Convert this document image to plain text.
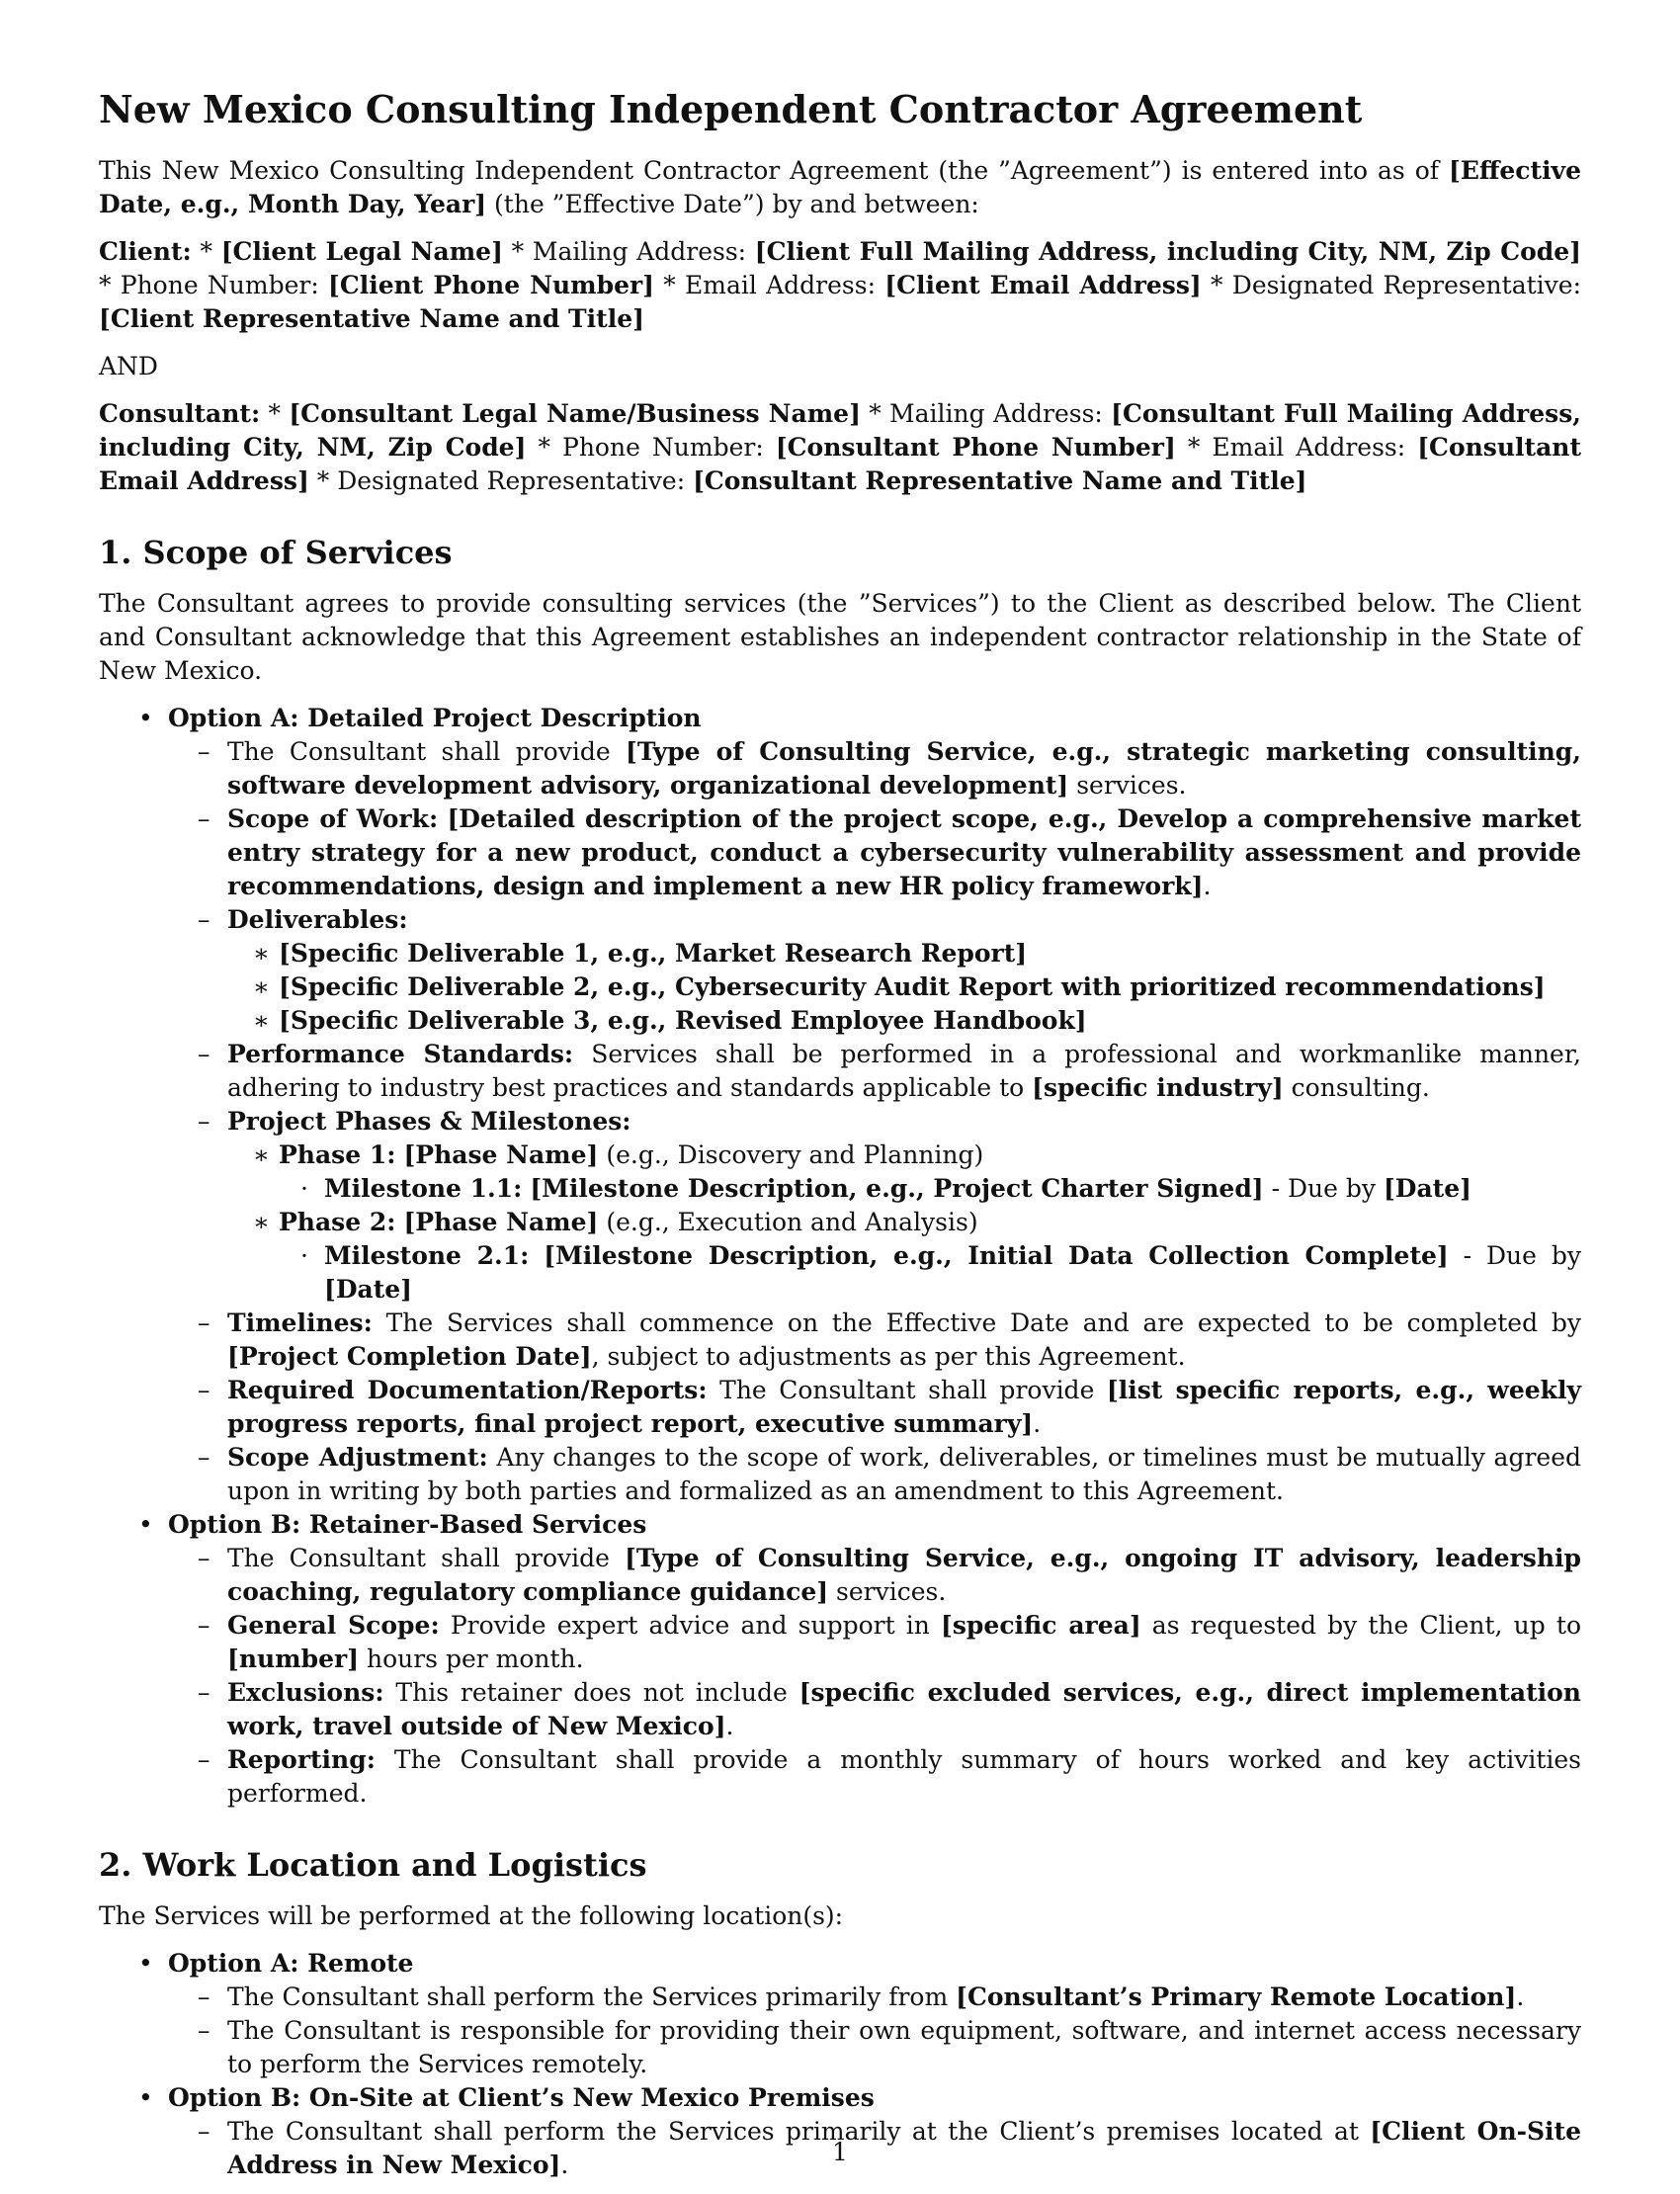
New Mexico Consulting Independent Contractor Agreement

This New Mexico Consulting Independent Contractor Agreement (the ”Agreement”) is entered into as of [Effective Date, e.g., Month Day, Year] (the ”Effective Date”) by and between:

Client: * [Client Legal Name] * Mailing Address: [Client Full Mailing Address, including City, NM, Zip Code] * Phone Number: [Client Phone Number] * Email Address: [Client Email Address] * Designated Representative: [Client Representative Name and Title]

AND

Consultant: * [Consultant Legal Name/Business Name] * Mailing Address: [Consultant Full Mailing Address, including City, NM, Zip Code] * Phone Number: [Consultant Phone Number] * Email Address: [Consultant Email Address] * Designated Representative: [Consultant Representative Name and Title]

1. Scope of Services

The Consultant agrees to provide consulting services (the ”Services”) to the Client as described below. The Client and Consultant acknowledge that this Agreement establishes an independent contractor relationship in the State of New Mexico.

• Option A: Detailed Project Description
– The Consultant shall provide [Type of Consulting Service, e.g., strategic marketing consulting, software development advisory, organizational development] services.
– Scope of Work: [Detailed description of the project scope, e.g., Develop a comprehensive market entry strategy for a new product, conduct a cybersecurity vulnerability assessment and provide recommendations, design and implement a new HR policy framework].
– Deliverables:
∗ [Specific Deliverable 1, e.g., Market Research Report]
∗ [Specific Deliverable 2, e.g., Cybersecurity Audit Report with prioritized recommendations]
∗ [Specific Deliverable 3, e.g., Revised Employee Handbook]
– Performance Standards: Services shall be performed in a professional and workmanlike manner, adhering to industry best practices and standards applicable to [specific industry] consulting.
– Project Phases & Milestones:
∗ Phase 1: [Phase Name] (e.g., Discovery and Planning)
· Milestone 1.1: [Milestone Description, e.g., Project Charter Signed] - Due by [Date]
∗ Phase 2: [Phase Name] (e.g., Execution and Analysis)
· Milestone 2.1: [Milestone Description, e.g., Initial Data Collection Complete] - Due by [Date]
– Timelines: The Services shall commence on the Effective Date and are expected to be completed by [Project Completion Date], subject to adjustments as per this Agreement.
– Required Documentation/Reports: The Consultant shall provide [list specific reports, e.g., weekly progress reports, final project report, executive summary].
– Scope Adjustment: Any changes to the scope of work, deliverables, or timelines must be mutually agreed upon in writing by both parties and formalized as an amendment to this Agreement.
• Option B: Retainer-Based Services
– The Consultant shall provide [Type of Consulting Service, e.g., ongoing IT advisory, leadership coaching, regulatory compliance guidance] services.
– General Scope: Provide expert advice and support in [specific area] as requested by the Client, up to [number] hours per month.
– Exclusions: This retainer does not include [specific excluded services, e.g., direct implementation work, travel outside of New Mexico].
– Reporting: The Consultant shall provide a monthly summary of hours worked and key activities performed.
2. Work Location and Logistics

The Services will be performed at the following location(s):

• Option A: Remote
– The Consultant shall perform the Services primarily from [Consultant’s Primary Remote Location].
– The Consultant is responsible for providing their own equipment, software, and internet access necessary to perform the Services remotely.
• Option B: On-Site at Client’s New Mexico Premises
– The Consultant shall perform the Services primarily at the Client’s premises located at [Client On-Site Address in New Mexico].	1
